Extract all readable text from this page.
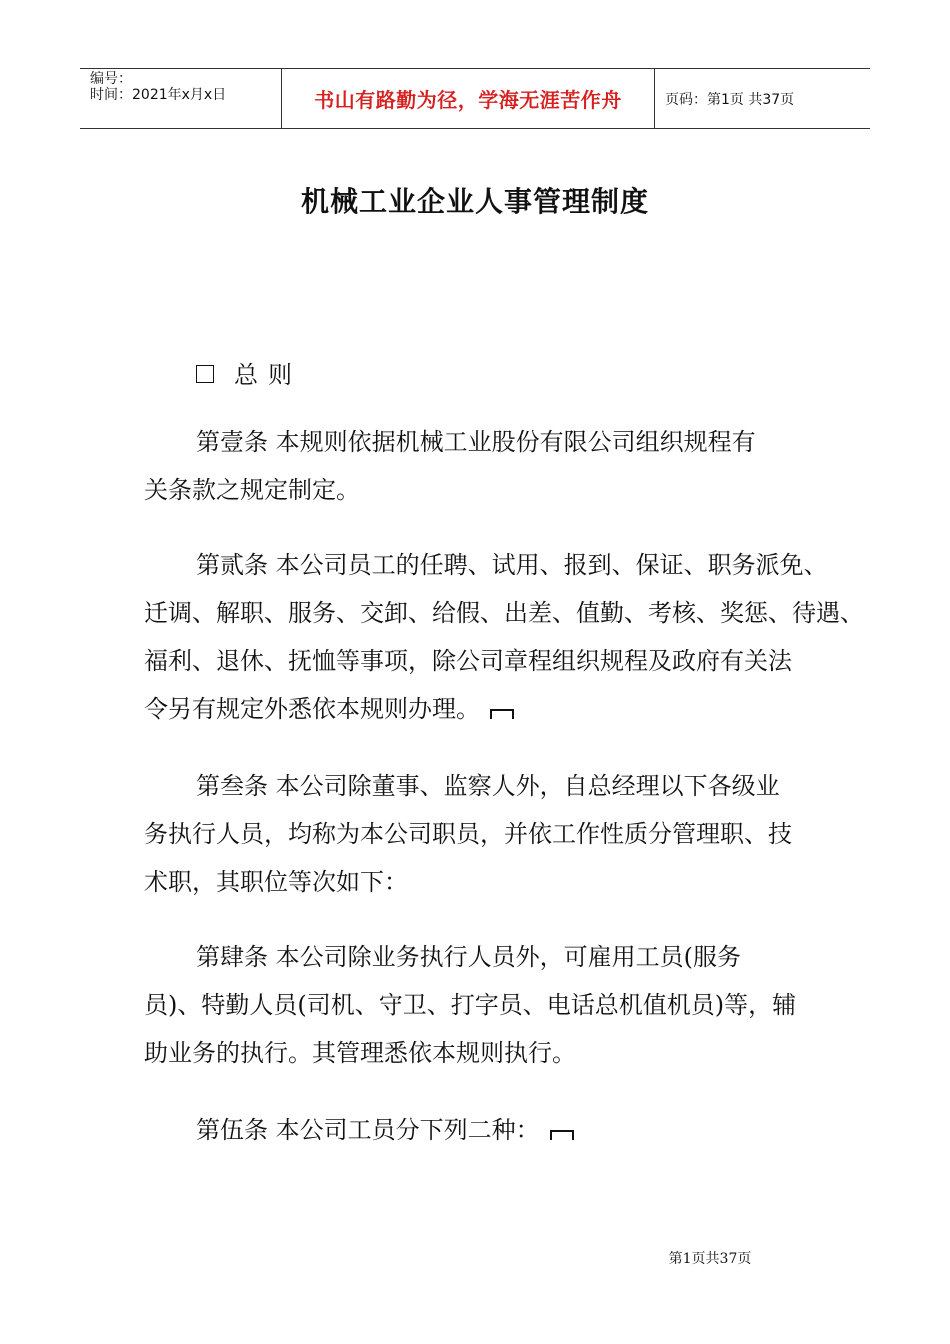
编号：
时间：2021年x月x日	书山有路勤为径，学海无涯苦作舟	页码：第1页 共37页
机械工业企业人事管理制度
总则
第壹条 本规则依据机械工业股份有限公司组织规程有
关条款之规定制定。
第贰条 本公司员工的任聘、试用、报到、保证、职务派免、
迁调、解职、服务、交卸、给假、出差、值勤、考核、奖惩、待遇、
福利、退休、抚恤等事项，除公司章程组织规程及政府有关法
令另有规定外悉依本规则办理。
第叁条 本公司除董事、监察人外，自总经理以下各级业
务执行人员，均称为本公司职员，并依工作性质分管理职、技
术职，其职位等次如下：
第肆条 本公司除业务执行人员外，可雇用工员(服务
员)、特勤人员(司机、守卫、打字员、电话总机值机员)等，辅
助业务的执行。其管理悉依本规则执行。
第伍条 本公司工员分下列二种：
第1页共37页
